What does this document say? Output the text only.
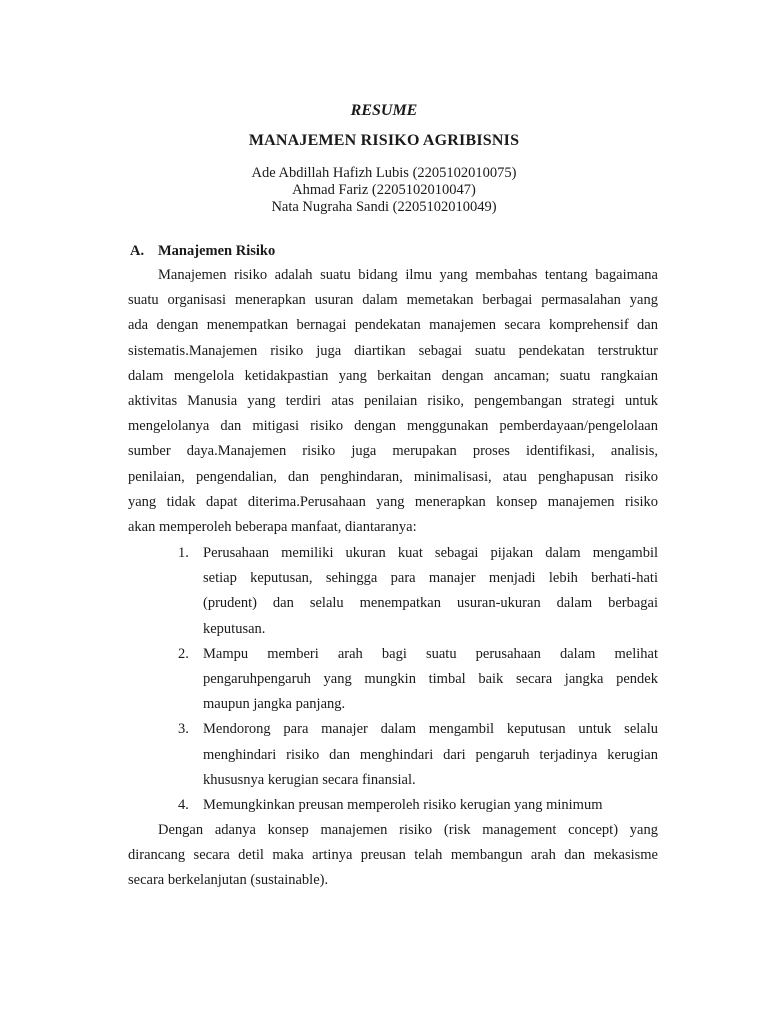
RESUME
MANAJEMEN RISIKO AGRIBISNIS
Ade Abdillah Hafizh Lubis (2205102010075)
Ahmad Fariz (2205102010047)
Nata Nugraha Sandi (2205102010049)
A. Manajemen Risiko
Manajemen risiko adalah suatu bidang ilmu yang membahas tentang bagaimana
suatu organisasi menerapkan usuran dalam memetakan berbagai permasalahan yang
ada dengan menempatkan bernagai pendekatan manajemen secara komprehensif dan
sistematis.Manajemen risiko juga diartikan sebagai suatu pendekatan terstruktur
dalam mengelola ketidakpastian yang berkaitan dengan ancaman; suatu rangkaian
aktivitas Manusia yang terdiri atas penilaian risiko, pengembangan strategi untuk
mengelolanya dan mitigasi risiko dengan menggunakan pemberdayaan/pengelolaan
sumber daya.Manajemen risiko juga merupakan proses identifikasi, analisis,
penilaian, pengendalian, dan penghindaran, minimalisasi, atau penghapusan risiko
yang tidak dapat diterima.Perusahaan yang menerapkan konsep manajemen risiko
akan memperoleh beberapa manfaat, diantaranya:
1. Perusahaan memiliki ukuran kuat sebagai pijakan dalam mengambil
setiap keputusan, sehingga para manajer menjadi lebih berhati-hati
(prudent) dan selalu menempatkan usuran-ukuran dalam berbagai
keputusan.
2. Mampu memberi arah bagi suatu perusahaan dalam melihat
pengaruhpengaruh yang mungkin timbal baik secara jangka pendek
maupun jangka panjang.
3. Mendorong para manajer dalam mengambil keputusan untuk selalu
menghindari risiko dan menghindari dari pengaruh terjadinya kerugian
khususnya kerugian secara finansial.
4. Memungkinkan preusan memperoleh risiko kerugian yang minimum
Dengan adanya konsep manajemen risiko (risk management concept) yang
dirancang secara detil maka artinya preusan telah membangun arah dan mekasisme
secara berkelanjutan (sustainable).
